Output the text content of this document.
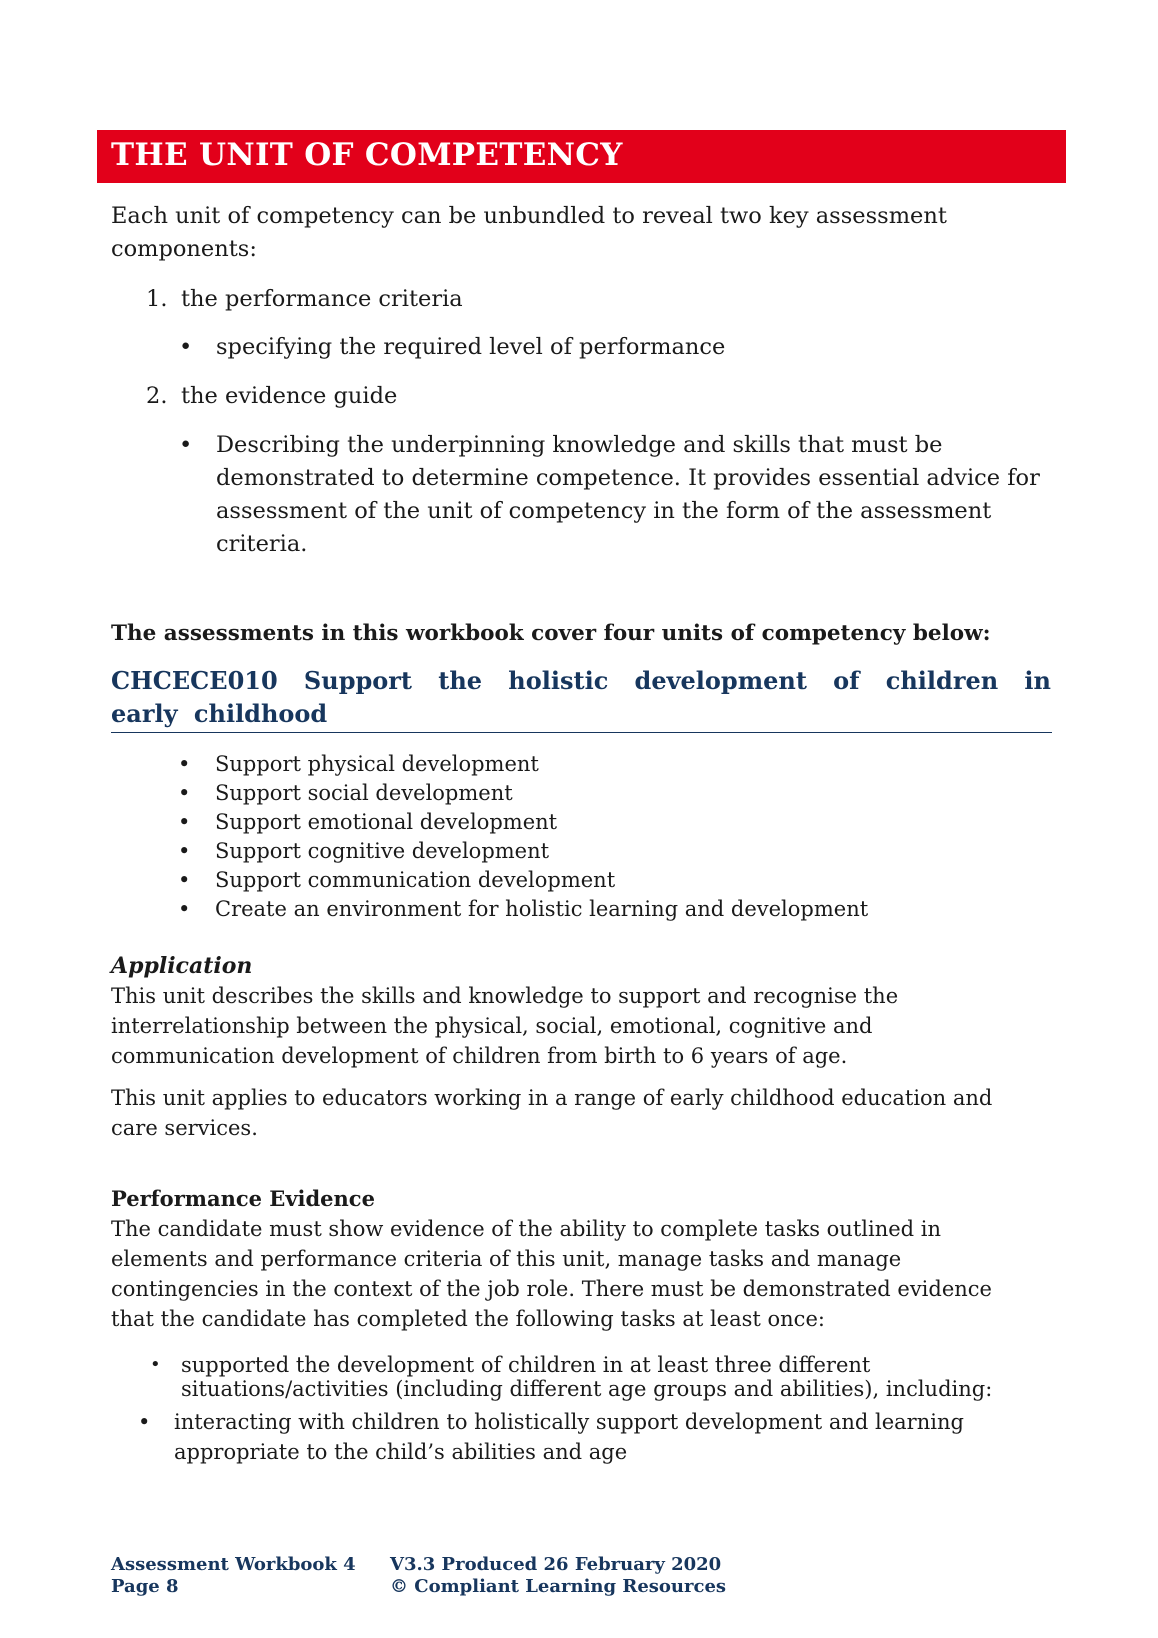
THE UNIT OF COMPETENCY
Each unit of competency can be unbundled to reveal two key assessment components:
1. the performance criteria
• specifying the required level of performance
2. the evidence guide
• Describing the underpinning knowledge and skills that must be demonstrated to determine competence. It provides essential advice for assessment of the unit of competency in the form of the assessment criteria.
The assessments in this workbook cover four units of competency below:
CHCECE010 Support the holistic development of children in early childhood
• Support physical development
• Support social development
• Support emotional development
• Support cognitive development
• Support communication development
• Create an environment for holistic learning and development
Application
This unit describes the skills and knowledge to support and recognise the interrelationship between the physical, social, emotional, cognitive and communication development of children from birth to 6 years of age.
This unit applies to educators working in a range of early childhood education and care services.
Performance Evidence
The candidate must show evidence of the ability to complete tasks outlined in elements and performance criteria of this unit, manage tasks and manage contingencies in the context of the job role. There must be demonstrated evidence that the candidate has completed the following tasks at least once:
• supported the development of children in at least three different situations/activities (including different age groups and abilities), including:
• interacting with children to holistically support development and learning appropriate to the child’s abilities and age
Assessment Workbook 4
Page 8
V3.3 Produced 26 February 2020
© Compliant Learning Resources
